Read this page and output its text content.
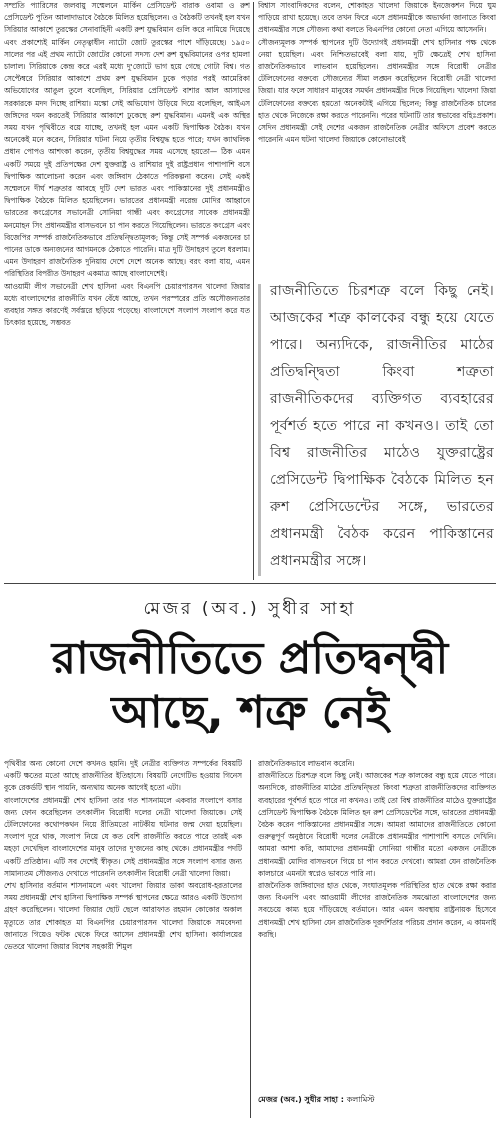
সম্প্রতি প্যারিসের জলবায়ু সম্মেলনে মার্কিন প্রেসিডেন্ট বারাক ওবামা ও রুশ প্রেসিডেন্ট পুতিন আলাদাভাবে বৈঠকে মিলিত হয়েছিলেন। ও বৈঠকটি তখনই হল যখন সিরিয়ার আকাশে তুরস্কের সেনাবাহিনী একটি রুশ যুদ্ধবিমান গুলি করে নামিয়ে দিয়েছে এবং প্রকাশ্যেই মার্কিন নেতৃত্বাধীন ন্যাটো জোট তুরস্কের পাশে দাঁড়িয়েছে। ১৯৫০ সালের পর এই প্রথম ন্যাটো জোটের কোনো সদস্য দেশ রুশ যুদ্ধবিমানের ওপর হামলা চালাল। সিরিয়াকে কেন্দ্র করে এরই মধ্যে দু'জোটে ভাগ হয়ে গেছে গোটা বিশ্ব। গত সেপ্টেম্বরে সিরিয়ার আকাশে প্রথম রুশ যুদ্ধবিমান ঢুকে পড়ার পরই আমেরিকা অভিযোগের আঙুল তুলে বলেছিল, সিরিয়ার প্রেসিডেন্ট বাশার আল আসাদের সরকারকে মদদ দিচ্ছে রাশিয়া। মস্কো সেই অভিযোগ উড়িয়ে দিয়ে বলেছিল, আইএস জঙ্গিদের দমন করতেই সিরিয়ার আকাশে ঢুকেছে রুশ যুদ্ধবিমান। এমনই এক অস্থির সময় যখন পৃথিবীতে বয়ে যাচ্ছে, তখনই হল এমন একটি দ্বিপাক্ষিক বৈঠক। যখন অনেকেই মনে করেন, সিরিয়ার ঘটনা নিয়ে তৃতীয় বিশ্বযুদ্ধ হতে পারে; যখন ক্যাথলিক প্রধান পোপও আশংকা করেন, তৃতীয় বিশ্বযুদ্ধের সময় এসেছে হয়তো— ঠিক এমন একটি সময়ে দুই প্রতিপক্ষের দেশ যুক্তরাষ্ট্র ও রাশিয়ার দুই রাষ্ট্রপ্রধান পাশাপাশি বসে দ্বিপাক্ষিক আলোচনা করেন এবং জঙ্গিবাদ ঠেকাতে পরিকল্পনা করেন। সেই একই সম্মেলনে দীর্ঘ শত্রুতার আবহে দুটি দেশ ভারত এবং পাকিস্তানের দুই প্রধানমন্ত্রীও দ্বিপাক্ষিক বৈঠকে মিলিত হয়েছিলেন। ভারতের প্রধানমন্ত্রী নরেন্দ্র মোদির আহ্বানে ভারতের কংগ্রেসের সভানেত্রী সোনিয়া গান্ধী এবং কংগ্রেসের সাবেক প্রধানমন্ত্রী মনমোহন সিং প্রধানমন্ত্রীর বাসভবনে চা পান করতে গিয়েছিলেন। ভারতে কংগ্রেস এবং বিজেপির সম্পর্ক রাজনৈতিকভাবে প্রতিদ্বন্দ্বিতামূলক; কিন্তু সেই সম্পর্ক একজনের চা পানের ডাকে অন্যজনের আগমনকে ঠেকাতে পারেনি। মাত্র দুটি উদাহরণ তুলে ধরলাম। এমন উদাহরণ রাজনৈতিক দুনিয়ায় দেশে দেশে অনেক আছে। বরং বলা যায়, এমন পরিস্থিতির বিপরীত উদাহরণ একমাত্র আছে বাংলাদেশেই।

আওয়ামী লীগ সভানেত্রী শেখ হাসিনা এবং বিএনপি চেয়ারপারসন খালেদা জিয়ার মধ্যে বাংলাদেশের রাজনীতি যখন বেঁধে আছে, তখন পরস্পরের প্রতি অসৌজন্যতার ব্যবহার সঙ্গত কারণেই সর্বস্তরে ছড়িয়ে পড়েছে। বাংলাদেশে সংলাপ সংলাপ করে যত চিৎকার হয়েছে, সম্ভবত

বিশ্বাস সাংবাদিকদের বলেন, শোকাহত খালেদা জিয়াকে ইনজেকশন দিয়ে ঘুম পাড়িয়ে রাখা হয়েছে। তবে তখন ফিরে এসে প্রধানমন্ত্রীকে অভ্যর্থনা জানাতে কিংবা প্রধানমন্ত্রীর সঙ্গে সৌজন্য কথা বলতে বিএনপির কোনো নেতা এগিয়ে আসেননি।

সৌজন্যমূলক সম্পর্ক স্থাপনের দুটি উদ্যোগই প্রধানমন্ত্রী শেখ হাসিনার পক্ষ থেকে নেয়া হয়েছিল। এবং নিশ্চিতভাবেই বলা যায়, দুটি ক্ষেত্রেই শেখ হাসিনা রাজনৈতিকভাবে লাভবান হয়েছিলেন। প্রধানমন্ত্রীর সঙ্গে বিরোধী নেত্রীর টেলিফোনের বক্তব্যে সৌজন্যের সীমা লঙ্ঘন করেছিলেন বিরোধী নেত্রী খালেদা জিয়া। যার ফলে সাধারণ মানুষের সমর্থন প্রধানমন্ত্রীর দিকে গিয়েছিল। খালেদা জিয়া টেলিফোনের বক্তব্যে হয়তো অনেকটাই এগিয়ে ছিলেন; কিন্তু রাজনৈতিক চালের হাত থেকে নিজেকে রক্ষা করতে পারেননি। পরের ঘটনাটি তার স্বভাবের বহিঃপ্রকাশ। সেদিন প্রধানমন্ত্রী সেই দেশের একজন রাজনৈতিক নেত্রীর অফিসে প্রবেশ করতে পারেননি এমন ঘটনা খালেদা জিয়াকে কোনোভাবেই

রাজনীতিতে চিরশত্রু বলে কিছু নেই। আজকের শত্রু কালকের বন্ধু হয়ে যেতে পারে। অন্যদিকে, রাজনীতির মাঠের প্রতিদ্বন্দ্বিতা কিংবা শত্রুতা রাজনীতিকদের ব্যক্তিগত ব্যবহারের পূর্বশর্ত হতে পারে না কখনও। তাই তো বিশ্ব রাজনীতির মাঠেও যুক্তরাষ্ট্রের প্রেসিডেন্ট দ্বিপাক্ষিক বৈঠকে মিলিত হন রুশ প্রেসিডেন্টের সঙ্গে, ভারতের প্রধানমন্ত্রী বৈঠক করেন পাকিস্তানের প্রধানমন্ত্রীর সঙ্গে।
মেজর (অব.) সুধীর সাহা
রাজনীতিতে প্রতিদ্বন্দ্বী
আছে, শত্রু নেই

পৃথিবীর অন্য কোনো দেশে কখনও হয়নি। দুই নেত্রীর ব্যক্তিগত সম্পর্কের বিষয়টি একটি ক্ষতের মতো আছে রাজনীতির ইতিহাসে। বিষয়টি নেগেটিভ হওয়ায় গিনেস বুকে রেকর্ডটি স্থান পায়নি, অন্যথায় অনেক আগেই হতো এটা।

বাংলাদেশের প্রধানমন্ত্রী শেখ হাসিনা তার গত শাসনামলে একবার সংলাপে বসার জন্য ফোন করেছিলেন তৎকালীন বিরোধী দলের নেত্রী খালেদা জিয়াকে। সেই টেলিফোনের কথোপকথন নিয়ে রীতিমতো নাটকীয় ঘটনার জন্ম দেয়া হয়েছিল। সংলাপ দূরে থাক, সংলাপ নিয়ে যে কত বেশি রাজনীতি করতে পারে তারই এক মহড়া দেখেছিল বাংলাদেশের মানুষ তাদের দু'জনের কাছ থেকে। প্রধানমন্ত্রীর পদটি একটি প্রতিষ্ঠান। এটি সব দেশেই স্বীকৃত। সেই প্রধানমন্ত্রীর সঙ্গে সংলাপ বসার জন্য সামান্যতম সৌজন্যও দেখাতে পারেননি তৎকালীন বিরোধী নেত্রী খালেদা জিয়া।

শেখ হাসিনার বর্তমান শাসনামলে এবং খালেদা জিয়ার ডাকা অবরোধ-হরতালের সময় প্রধানমন্ত্রী শেখ হাসিনা দ্বিপাক্ষিক সম্পর্ক স্থাপনের ক্ষেত্রে আরও একটি উদ্যোগ গ্রহণ করেছিলেন। খালেদা জিয়ার ছোট ছেলে আরাফাত রহমান কোকোর অকাল মৃত্যুতে তার শোকাহত মা বিএনপির চেয়ারপারসন খালেদা জিয়াকে সমবেদনা জানাতে গিয়েও ফটক থেকে ফিরে আসেন প্রধানমন্ত্রী শেখ হাসিনা। কার্যালয়ের ভেতরে খালেদা জিয়ার বিশেষ সহকারী শিমুল

রাজনৈতিকভাবে লাভবান করেনি।

রাজনীতিতে চিরশত্রু বলে কিছু নেই। আজকের শত্রু কালকের বন্ধু হয়ে যেতে পারে। অন্যদিকে, রাজনীতির মাঠের প্রতিদ্বন্দ্বিতা কিংবা শত্রুতা রাজনীতিকদের ব্যক্তিগত ব্যবহারের পূর্বশর্ত হতে পারে না কখনও। তাই তো বিশ্ব রাজনীতির মাঠেও যুক্তরাষ্ট্রের প্রেসিডেন্ট দ্বিপাক্ষিক বৈঠকে মিলিত হন রুশ প্রেসিডেন্টের সঙ্গে, ভারতের প্রধানমন্ত্রী বৈঠক করেন পাকিস্তানের প্রধানমন্ত্রীর সঙ্গে। আমরা আমাদের রাজনীতিতে কোনো গুরুত্বপূর্ণ অনুষ্ঠানে বিরোধী দলের নেত্রীকে প্রধানমন্ত্রীর পাশাপাশি বসতে দেখিনি। আমরা আশা করি, আমাদের প্রধানমন্ত্রী সোনিয়া গান্ধীর মতো একজন নেত্রীকে প্রধানমন্ত্রী মোদির বাসভবনে গিয়ে চা পান করতে দেখবো। আমরা যেন রাজনৈতিক কালচারে এমনটা স্বপ্নেও ভাবতে পারি না।

রাজনৈতিক জঙ্গিবাদের হাত থেকে, সংঘাতমূলক পরিস্থিতির হাত থেকে রক্ষা করার জন্য বিএনপি এবং আওয়ামী লীগের রাজনৈতিক সমঝোতা বাংলাদেশের জন্য সবচেয়ে কাম্য হয়ে দাঁড়িয়েছে বর্তমানে। আর এমন অবস্থায় রাষ্ট্রনায়ক হিসেবে প্রধানমন্ত্রী শেখ হাসিনা যেন রাজনৈতিক দূরদর্শিতার পরিচয় প্রদান করেন, এ কামনাই করছি।

মেজর (অব.) সুধীর সাহা : কলামিস্ট
